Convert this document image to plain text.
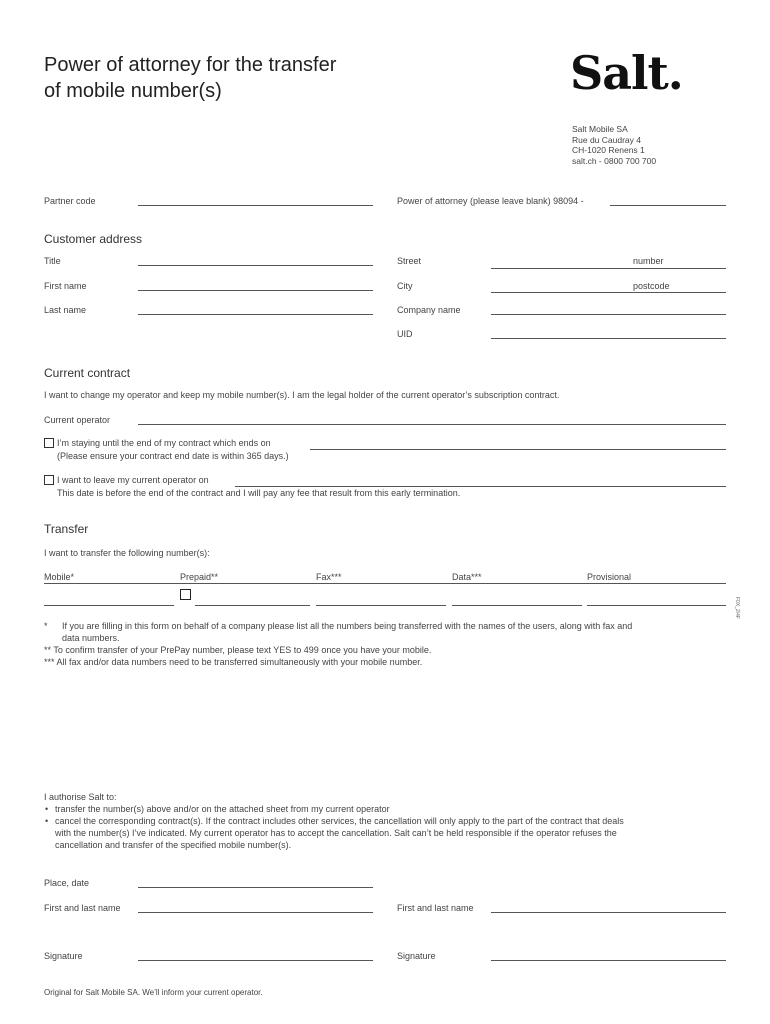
Power of attorney for the transfer
of mobile number(s)	Salt.
Salt Mobile SA
Rue du Caudray 4
CH-1020 Renens 1
salt.ch - 0800 700 700
Partner code	Power of attorney (please leave blank) 98094 -
Customer address
Title	Street	number
First name	City	postcode
Last name	Company name
UID
Current contract
I want to change my operator and keep my mobile number(s). I am the legal holder of the current operator’s subscription contract.
Current operator
I’m staying until the end of my contract which ends on
(Please ensure your contract end date is within 365 days.)
I want to leave my current operator on
This date is before the end of the contract and I will pay any fee that result from this early termination.
Transfer
I want to transfer the following number(s):
Mobile*	Prepaid**	Fax***	Data***	Provisional
F0X_2/4F
* If you are filling in this form on behalf of a company please list all the numbers being transferred with the names of the users, along with fax and
data numbers.
** To confirm transfer of your PrePay number, please text YES to 499 once you have your mobile.
*** All fax and/or data numbers need to be transferred simultaneously with your mobile number.
I authorise Salt to:
• transfer the number(s) above and/or on the attached sheet from my current operator
• cancel the corresponding contract(s). If the contract includes other services, the cancellation will only apply to the part of the contract that deals
with the number(s) I’ve indicated. My current operator has to accept the cancellation. Salt can’t be held responsible if the operator refuses the
cancellation and transfer of the specified mobile number(s).
Place, date
First and last name	First and last name
Signature	Signature
Original for Salt Mobile SA. We’ll inform your current operator.
